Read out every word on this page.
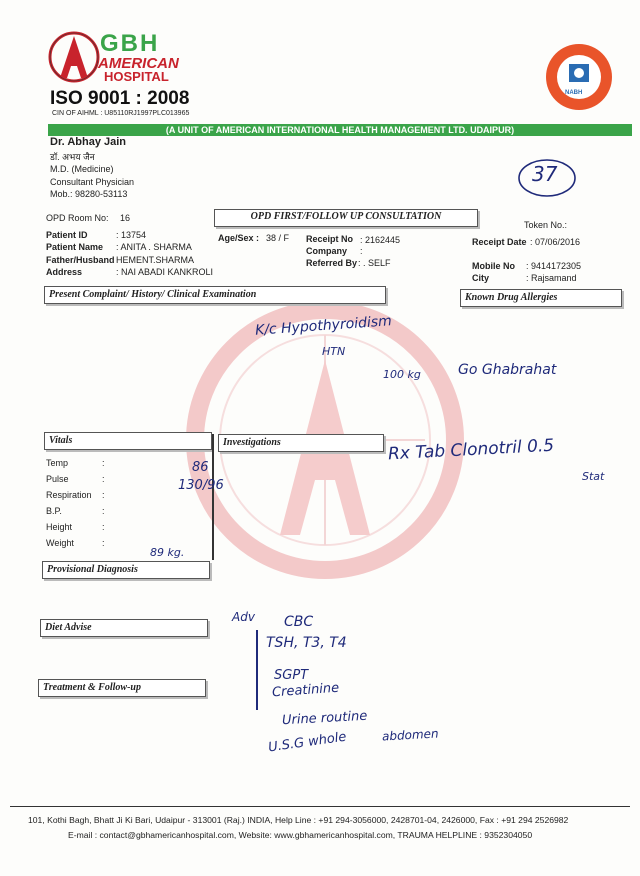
GBH
AMERICAN
HOSPITAL
ISO 9001 : 2008
CIN OF AIHML : U85110RJ1997PLC013965
NABH
(A UNIT OF AMERICAN INTERNATIONAL HEALTH MANAGEMENT LTD. UDAIPUR)
Dr. Abhay Jain
डॉ. अभय जैन
M.D. (Medicine)
Consultant Physician
Mob.: 98280-53113
37
OPD Room No: 16	OPD FIRST/FOLLOW UP CONSULTATION
Token No.:
Patient ID	: 13754
Patient Name : ANITA . SHARMA
Father/Husband HEMENT.SHARMA
Address	: NAI ABADI KANKROLI
Age/Sex : 38 / F Receipt No : 2162445
Company :
Referred By : . SELF
Receipt Date : 07/06/2016
Mobile No : 9414172305
City	: Rajsamand
Present Complaint/ History/ Clinical Examination	Known Drug Allergies
Vitals	Investigations
Temp	:
Pulse	:
Respiration :
B.P.	:
Height	:
Weight	:
Provisional Diagnosis
Diet Advise
Treatment & Follow-up
K/c Hypothyroidism
HTN
100 kg	Go Ghabrahat
86
130/96
89 kg.
Rx Tab Clonotril 0.5
Stat
Adv CBC
TSH, T3, T4
SGPT
Creatinine
Urine routine
U.S.G whole	abdomen
101, Kothi Bagh, Bhatt Ji Ki Bari, Udaipur - 313001 (Raj.) INDIA, Help Line : +91 294-3056000, 2428701-04, 2426000, Fax : +91 294 2526982
E-mail : contact@gbhamericanhospital.com, Website: www.gbhamericanhospital.com, TRAUMA HELPLINE : 9352304050
